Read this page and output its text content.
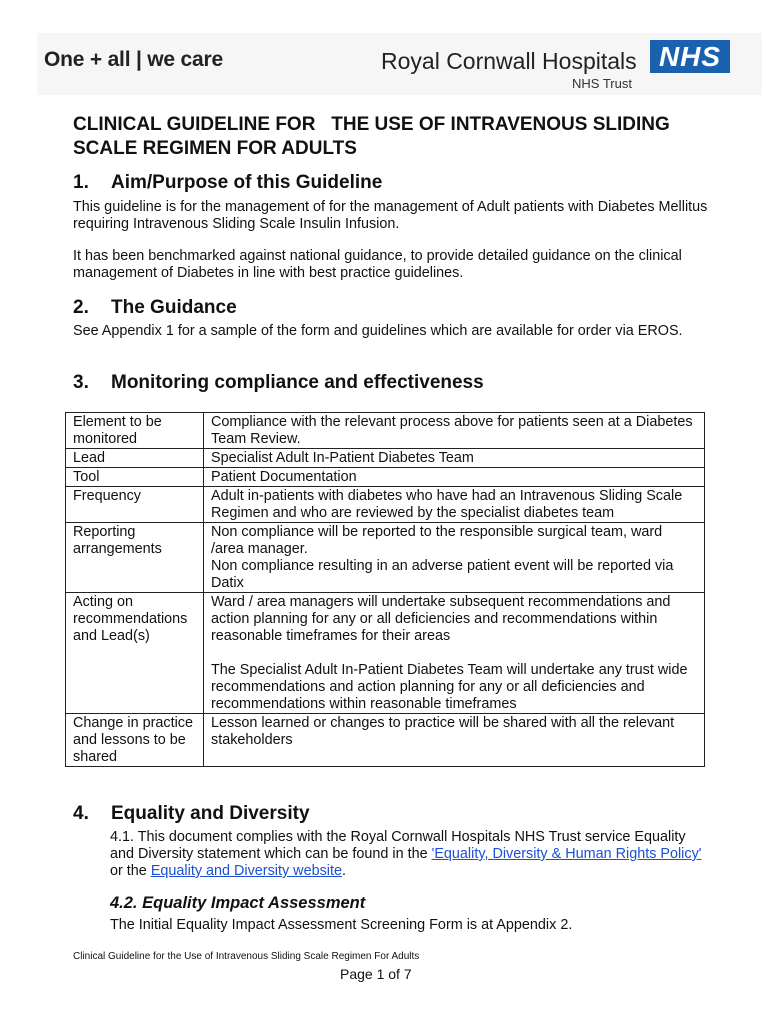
One + all | we care	Royal Cornwall Hospitals
NHS Trust
NHS
CLINICAL GUIDELINE FOR   THE USE OF INTRAVENOUS SLIDING SCALE REGIMEN FOR ADULTS
1. Aim/Purpose of this Guideline

This guideline is for the management of for the management of Adult patients with Diabetes Mellitus requiring Intravenous Sliding Scale Insulin Infusion.

It has been benchmarked against national guidance, to provide detailed guidance on the clinical management of Diabetes in line with best practice guidelines.

2. The Guidance

See Appendix 1 for a sample of the form and guidelines which are available for order via EROS.

3. Monitoring compliance and effectiveness
Element to be monitored	Compliance with the relevant process above for patients seen at a Diabetes Team Review.
Lead	Specialist Adult In-Patient Diabetes Team
Tool	Patient Documentation
Frequency	Adult in-patients with diabetes who have had an Intravenous Sliding Scale Regimen and who are reviewed by the specialist diabetes team
Reporting arrangements	Non compliance will be reported to the responsible surgical team, ward /area manager.
Non compliance resulting in an adverse patient event will be reported via Datix

Acting on recommendations and Lead(s)	Ward / area managers will undertake subsequent recommendations and action planning for any or all deficiencies and recommendations within reasonable timeframes for their areas
The Specialist Adult In-Patient Diabetes Team will undertake any trust wide recommendations and action planning for any or all deficiencies and recommendations within reasonable timeframes

Change in practice and lessons to be shared	Lesson learned or changes to practice will be shared with all the relevant stakeholders
4. Equality and Diversity

4.1. This document complies with the Royal Cornwall Hospitals NHS Trust service Equality and Diversity statement which can be found in the 'Equality, Diversity & Human Rights Policy' or the Equality and Diversity website.

4.2. Equality Impact Assessment

The Initial Equality Impact Assessment Screening Form is at Appendix 2.

Clinical Guideline for the Use of Intravenous Sliding Scale Regimen For Adults
Page 1 of 7
